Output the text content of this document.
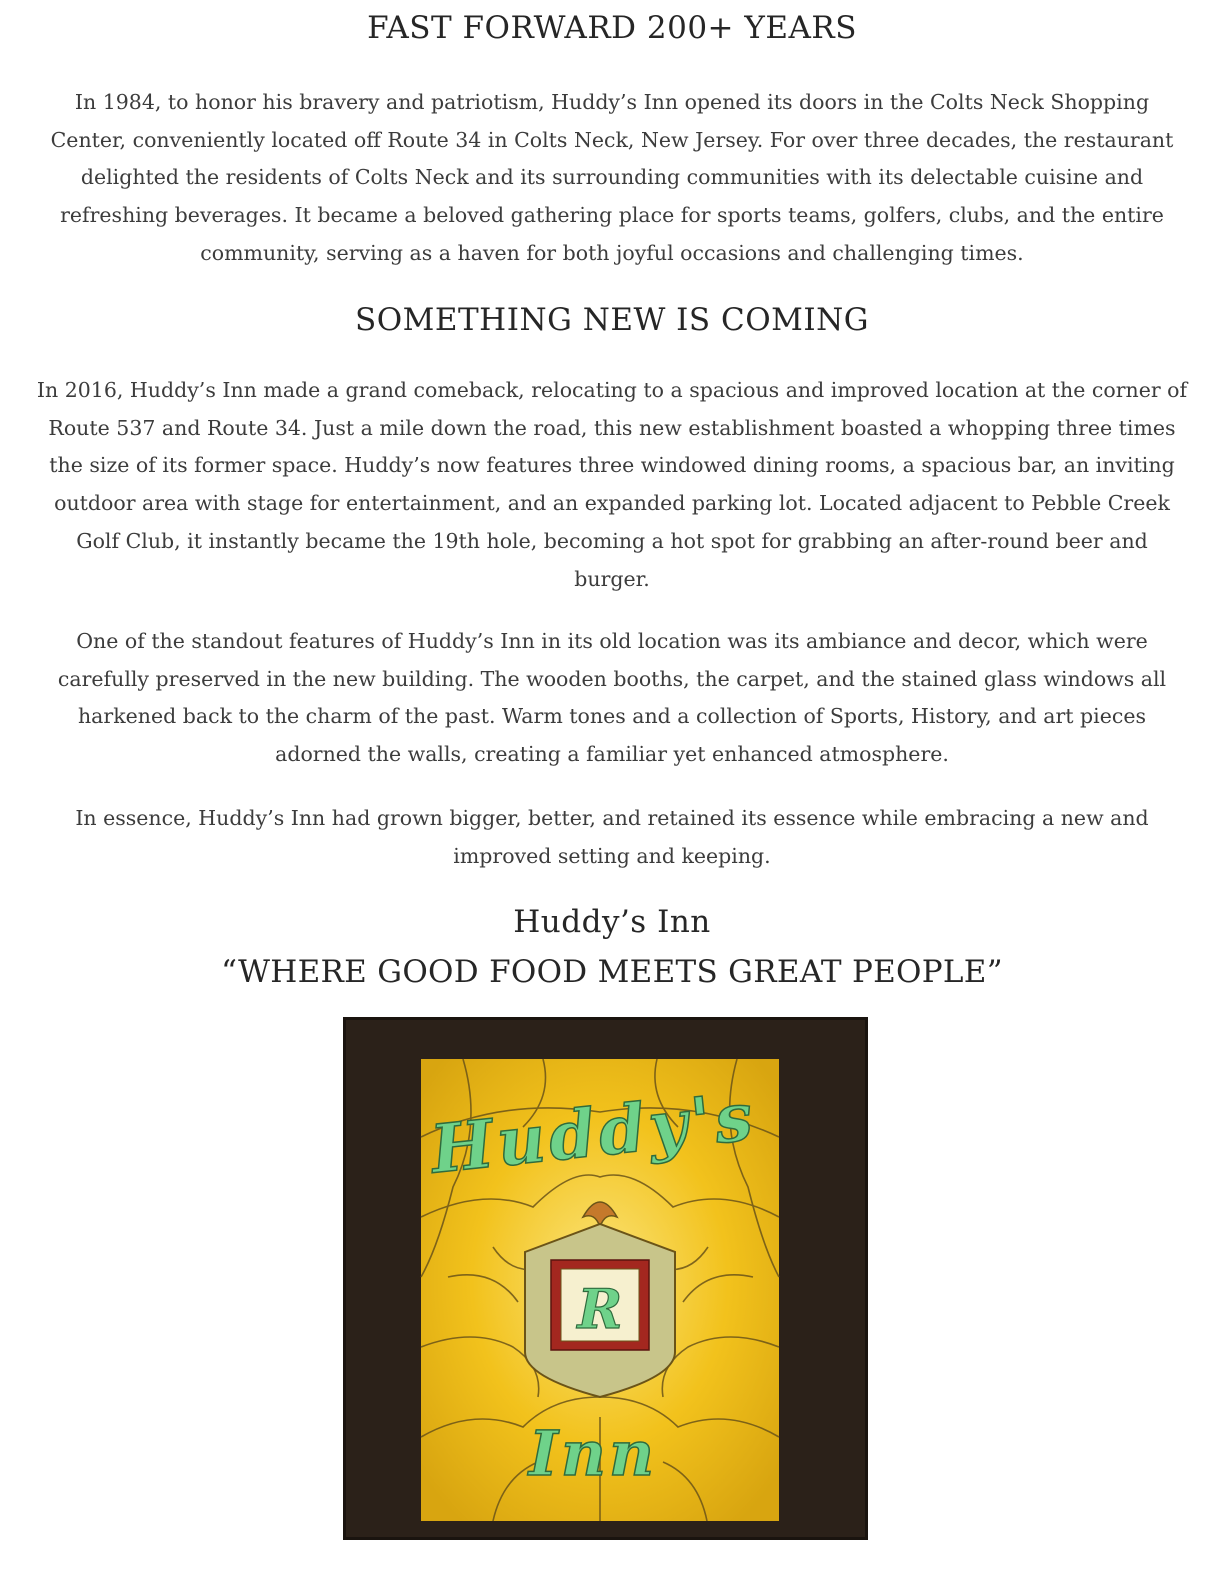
FAST FORWARD 200+ YEARS

In 1984, to honor his bravery and patriotism, Huddy’s Inn opened its doors in the Colts Neck Shopping Center, conveniently located off Route 34 in Colts Neck, New Jersey. For over three decades, the restaurant delighted the residents of Colts Neck and its surrounding communities with its delectable cuisine and refreshing beverages. It became a beloved gathering place for sports teams, golfers, clubs, and the entire community, serving as a haven for both joyful occasions and challenging times.

SOMETHING NEW IS COMING

In 2016, Huddy’s Inn made a grand comeback, relocating to a spacious and improved location at the corner of Route 537 and Route 34. Just a mile down the road, this new establishment boasted a whopping three times the size of its former space. Huddy’s now features three windowed dining rooms, a spacious bar, an inviting outdoor area with stage for entertainment, and an expanded parking lot. Located adjacent to Pebble Creek Golf Club, it instantly became the 19th hole, becoming a hot spot for grabbing an after-round beer and burger.

One of the standout features of Huddy’s Inn in its old location was its ambiance and decor, which were carefully preserved in the new building. The wooden booths, the carpet, and the stained glass windows all harkened back to the charm of the past. Warm tones and a collection of Sports, History, and art pieces adorned the walls, creating a familiar yet enhanced atmosphere.

In essence, Huddy’s Inn had grown bigger, better, and retained its essence while embracing a new and improved setting and keeping.

Huddy’s Inn
“WHERE GOOD FOOD MEETS GREAT PEOPLE”
R
Huddy's
Inn
